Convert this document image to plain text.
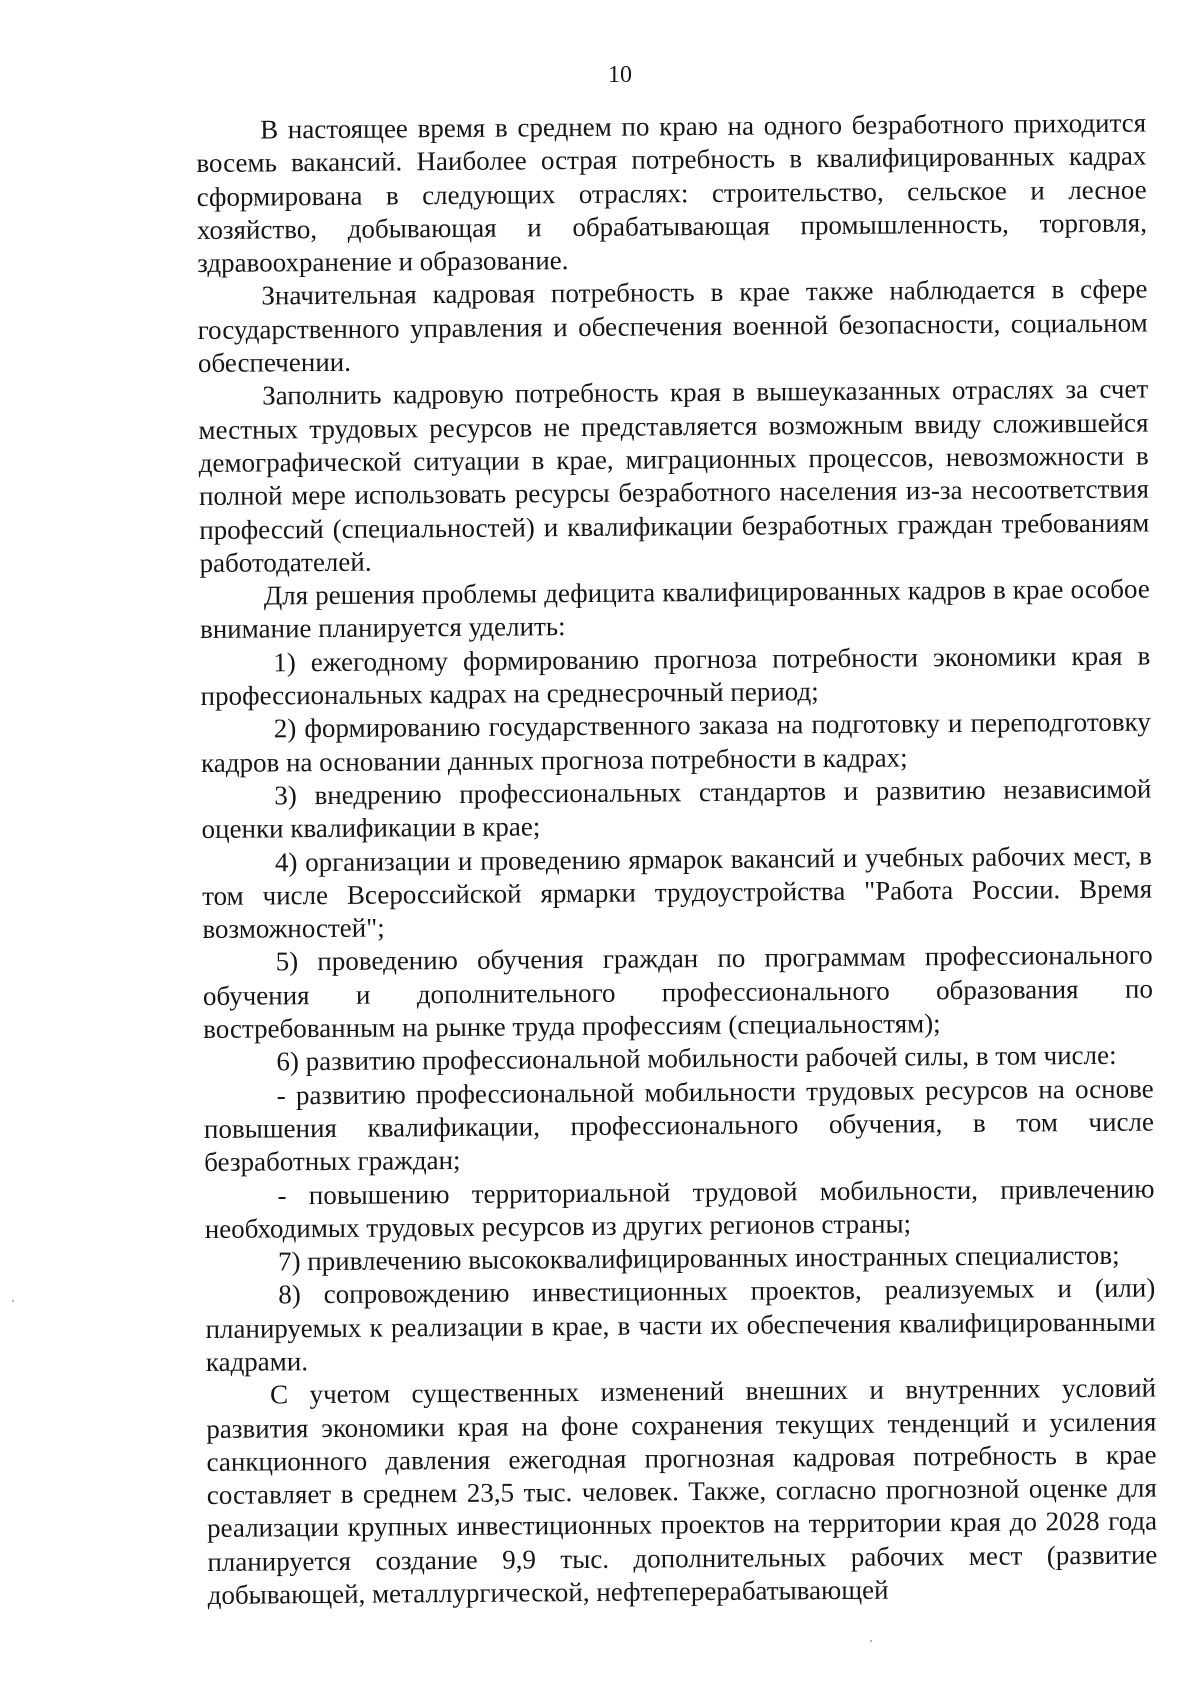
10

В настоящее время в среднем по краю на одного безработного приходится восемь вакансий. Наиболее острая потребность в квалифицированных кадрах сформирована в следующих отраслях: строительство, сельское и лесное хозяйство, добывающая и обрабатывающая промышленность, торговля, здравоохранение и образование.

Значительная кадровая потребность в крае также наблюдается в сфере государственного управления и обеспечения военной безопасности, социальном обеспечении.

Заполнить кадровую потребность края в вышеуказанных отраслях за счет местных трудовых ресурсов не представляется возможным ввиду сложившейся демографической ситуации в крае, миграционных процессов, невозможности в полной мере использовать ресурсы безработного населения из-за несоответствия профессий (специальностей) и квалификации безработных граждан требованиям работодателей.

Для решения проблемы дефицита квалифицированных кадров в крае особое внимание планируется уделить:

1) ежегодному формированию прогноза потребности экономики края в профессиональных кадрах на среднесрочный период;

2) формированию государственного заказа на подготовку и переподготовку кадров на основании данных прогноза потребности в кадрах;

3) внедрению профессиональных стандартов и развитию независимой оценки квалификации в крае;

4) организации и проведению ярмарок вакансий и учебных рабочих мест, в том числе Всероссийской ярмарки трудоустройства "Работа России. Время возможностей";

5) проведению обучения граждан по программам профессионального обучения и дополнительного профессионального образования по востребованным на рынке труда профессиям (специальностям);

6) развитию профессиональной мобильности рабочей силы, в том числе:

- развитию профессиональной мобильности трудовых ресурсов на основе повышения квалификации, профессионального обучения, в том числе безработных граждан;

- повышению территориальной трудовой мобильности, привлечению необходимых трудовых ресурсов из других регионов страны;

7) привлечению высококвалифицированных иностранных специалистов;

8) сопровождению инвестиционных проектов, реализуемых и (или) планируемых к реализации в крае, в части их обеспечения квалифицированными кадрами.

С учетом существенных изменений внешних и внутренних условий развития экономики края на фоне сохранения текущих тенденций и усиления санкционного давления ежегодная прогнозная кадровая потребность в крае составляет в среднем 23,5 тыс. человек. Также, согласно прогнозной оценке для реализации крупных инвестиционных проектов на территории края до 2028 года планируется создание 9,9 тыс. дополнительных рабочих мест (развитие добывающей, металлургической, нефтеперерабатывающей
